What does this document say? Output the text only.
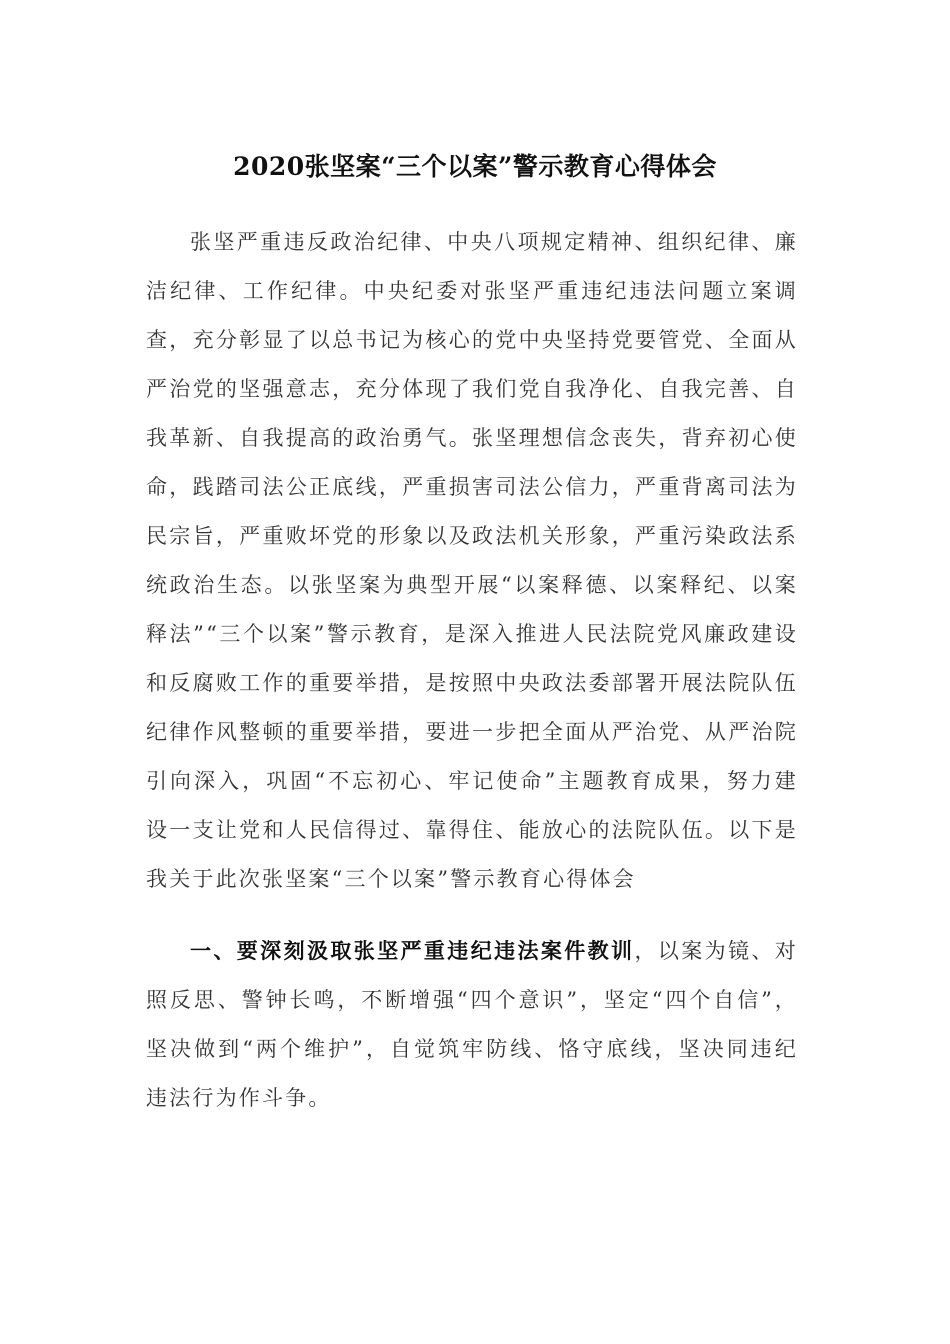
2020张坚案“三个以案”警示教育心得体会

张坚严重违反政治纪律、中央八项规定精神、组织纪律、廉洁纪律、工作纪律。中央纪委对张坚严重违纪违法问题立案调查，充分彰显了以总书记为核心的党中央坚持党要管党、全面从严治党的坚强意志，充分体现了我们党自我净化、自我完善、自我革新、自我提高的政治勇气。张坚理想信念丧失，背弃初心使命，践踏司法公正底线，严重损害司法公信力，严重背离司法为民宗旨，严重败坏党的形象以及政法机关形象，严重污染政法系统政治生态。以张坚案为典型开展“以案释德、以案释纪、以案释法”“三个以案”警示教育，是深入推进人民法院党风廉政建设和反腐败工作的重要举措，是按照中央政法委部署开展法院队伍纪律作风整顿的重要举措，要进一步把全面从严治党、从严治院引向深入，巩固“不忘初心、牢记使命”主题教育成果，努力建设一支让党和人民信得过、靠得住、能放心的法院队伍。以下是我关于此次张坚案“三个以案”警示教育心得体会

一、要深刻汲取张坚严重违纪违法案件教训，以案为镜、对照反思、警钟长鸣，不断增强“四个意识”，坚定“四个自信”，坚决做到“两个维护”，自觉筑牢防线、恪守底线，坚决同违纪违法行为作斗争。
